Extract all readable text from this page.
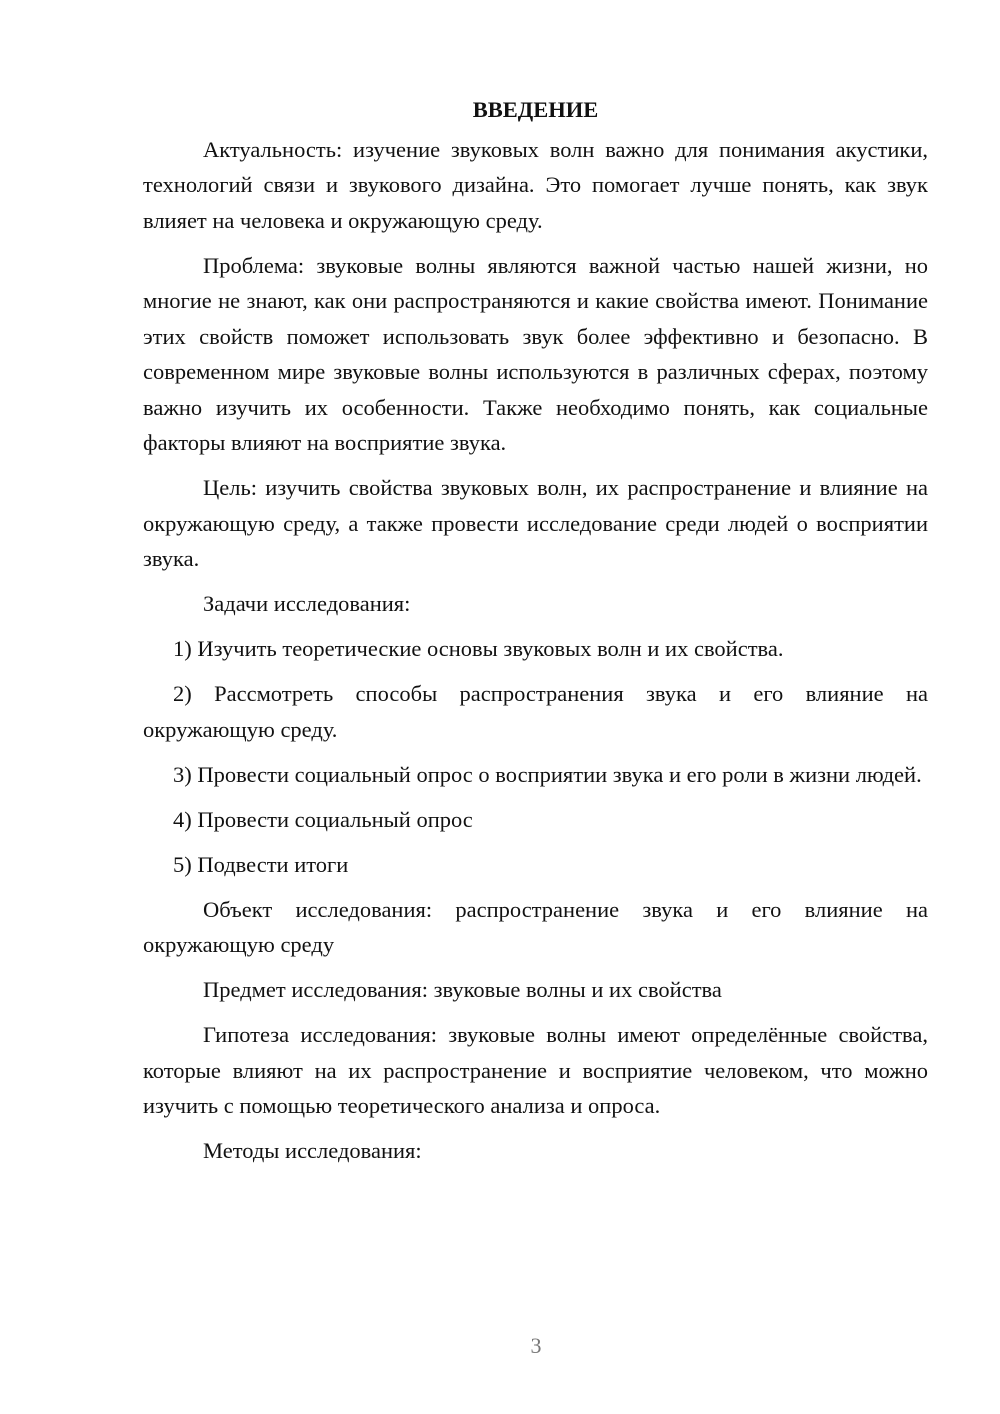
ВВЕДЕНИЕ

Актуальность: изучение звуковых волн важно для понимания акустики, технологий связи и звукового дизайна. Это помогает лучше понять, как звук влияет на человека и окружающую среду.

Проблема: звуковые волны являются важной частью нашей жизни, но многие не знают, как они распространяются и какие свойства имеют. Понимание этих свойств поможет использовать звук более эффективно и безопасно. В современном мире звуковые волны используются в различных сферах, поэтому важно изучить их особенности. Также необходимо понять, как социальные факторы влияют на восприятие звука.

Цель: изучить свойства звуковых волн, их распространение и влияние на окружающую среду, а также провести исследование среди людей о восприятии звука.

Задачи исследования:

1) Изучить теоретические основы звуковых волн и их свойства.

2) Рассмотреть способы распространения звука и его влияние на окружающую среду.

3) Провести социальный опрос о восприятии звука и его роли в жизни людей.

4) Провести социальный опрос

5) Подвести итоги

Объект исследования: распространение звука и его влияние на окружающую среду

Предмет исследования: звуковые волны и их свойства

Гипотеза исследования: звуковые волны имеют определённые свойства, которые влияют на их распространение и восприятие человеком, что можно изучить с помощью теоретического анализа и опроса.

Методы исследования:

3
